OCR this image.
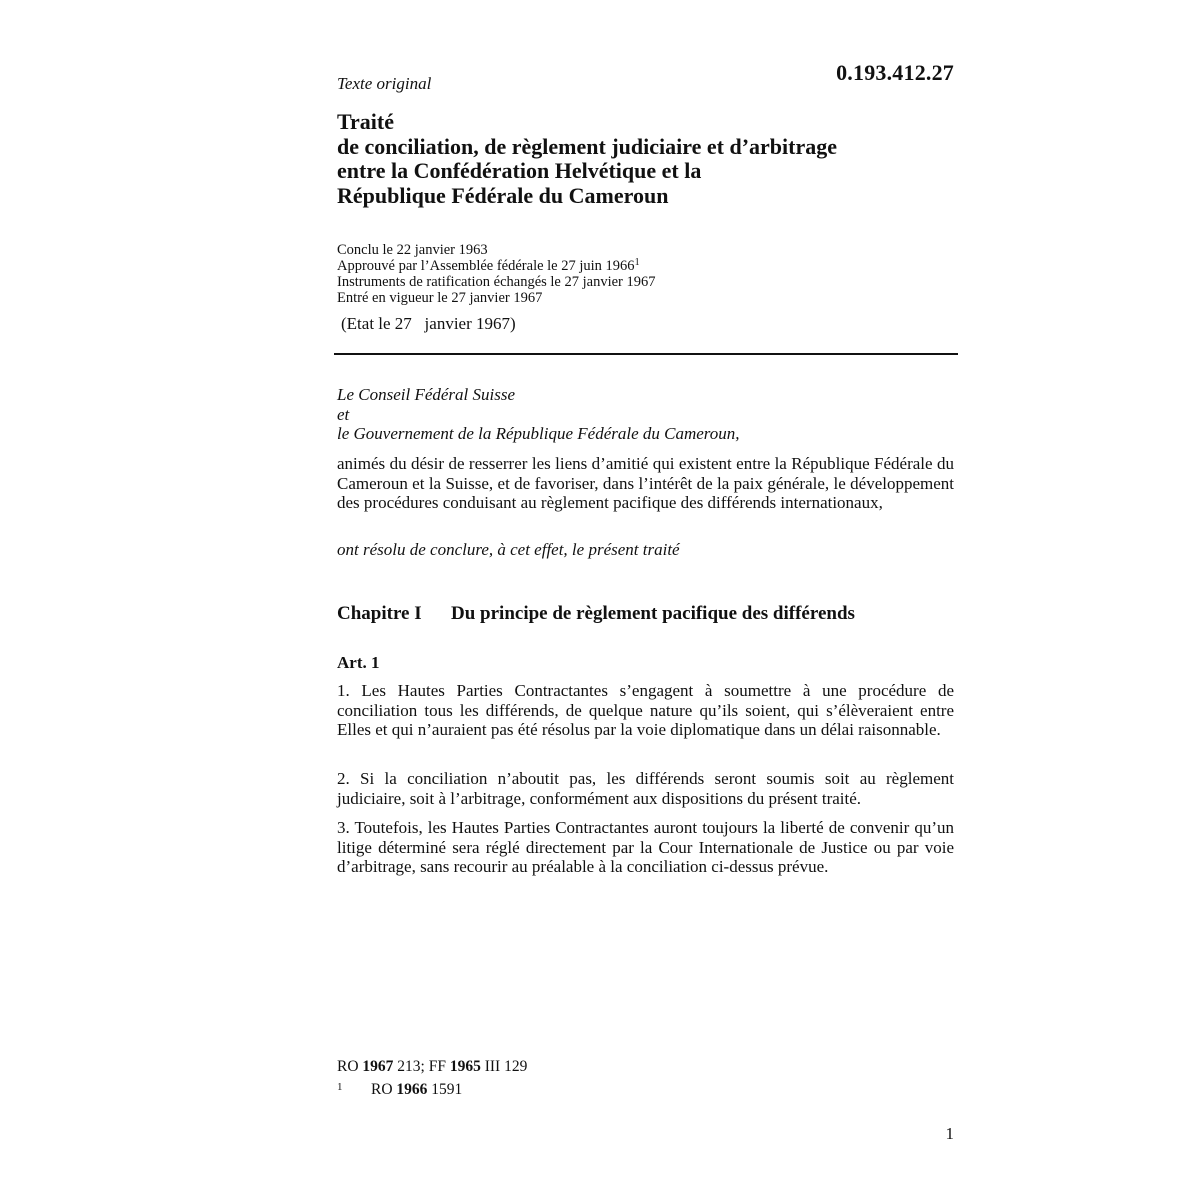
0.193.412.27
Texte original
Traité
de conciliation, de règlement judiciaire et d’arbitrage
entre la Confédération Helvétique et la
République Fédérale du Cameroun
Conclu le 22 janvier 1963
Approuvé par l’Assemblée fédérale le 27 juin 1966$^1$
Instruments de ratification échangés le 27 janvier 1967
Entré en vigueur le 27 janvier 1967
(Etat le 27   janvier 1967)
Le Conseil Fédéral Suisse
et
le Gouvernement de la République Fédérale du Cameroun,
animés du désir de resserrer les liens d’amitié qui existent entre la République Fédérale du Cameroun et la Suisse, et de favoriser, dans l’intérêt de la paix générale, le développement des procédures conduisant au règlement pacifique des différends internationaux,
ont résolu de conclure, à cet effet, le présent traité
Chapitre I Du principe de règlement pacifique des différends
Art. 1
1. Les Hautes Parties Contractantes s’engagent à soumettre à une procédure de conciliation tous les différends, de quelque nature qu’ils soient, qui s’élèveraient entre Elles et qui n’auraient pas été résolus par la voie diplomatique dans un délai raisonnable.
2. Si la conciliation n’aboutit pas, les différends seront soumis soit au règlement judiciaire, soit à l’arbitrage, conformément aux dispositions du présent traité.
3. Toutefois, les Hautes Parties Contractantes auront toujours la liberté de convenir qu’un litige déterminé sera réglé directement par la Cour Internationale de Justice ou par voie d’arbitrage, sans recourir au préalable à la conciliation ci-dessus prévue.
RO 1967 213; FF 1965 III 129
1 RO 1966 1591
1
